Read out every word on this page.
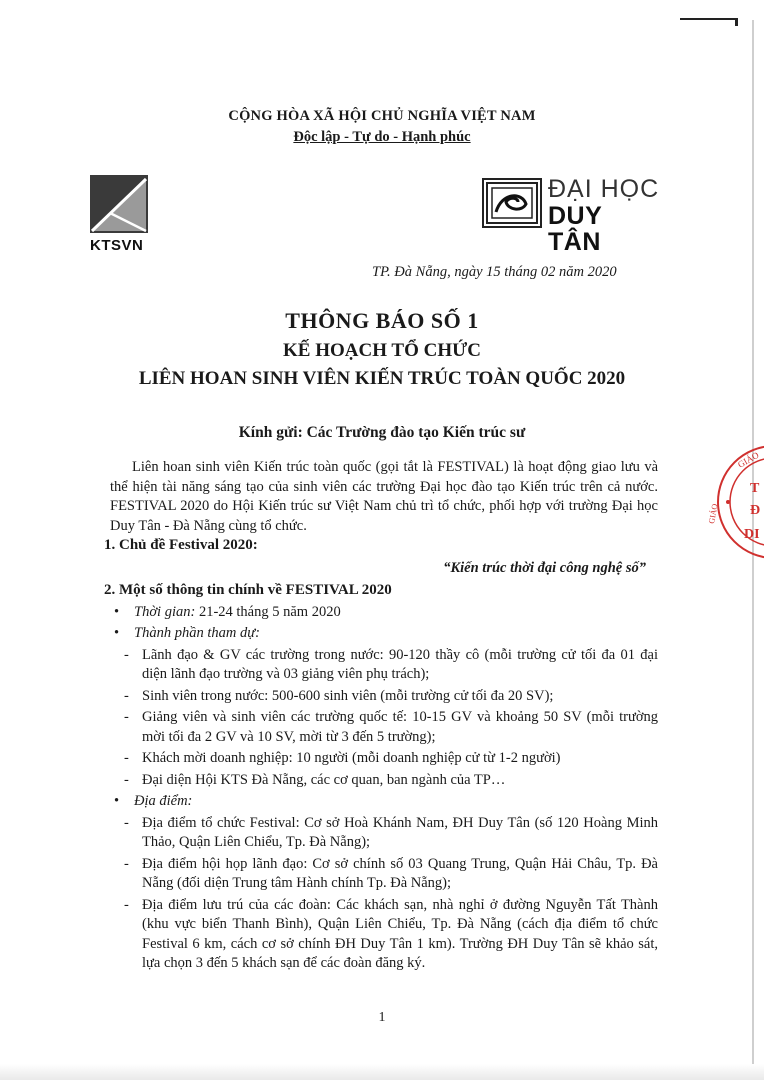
CỘNG HÒA XÃ HỘI CHỦ NGHĨA VIỆT NAM
Độc lập - Tự do - Hạnh phúc
KTSVN
ĐẠI HỌC
DUY TÂN
GIÁO
T
Đ
DI
GIÁO
TP. Đà Nẵng, ngày 15 tháng 02 năm 2020
THÔNG BÁO SỐ 1
KẾ HOẠCH TỔ CHỨC
LIÊN HOAN SINH VIÊN KIẾN TRÚC TOÀN QUỐC 2020
Kính gửi: Các Trường đào tạo Kiến trúc sư
Liên hoan sinh viên Kiến trúc toàn quốc (gọi tắt là FESTIVAL) là hoạt động giao lưu và thể hiện tài năng sáng tạo của sinh viên các trường Đại học đào tạo Kiến trúc trên cả nước. FESTIVAL 2020 do Hội Kiến trúc sư Việt Nam chủ trì tổ chức, phối hợp với trường Đại học Duy Tân - Đà Nẵng cùng tổ chức.
1. Chủ đề Festival 2020:
“Kiến trúc thời đại công nghệ số”
2. Một số thông tin chính về FESTIVAL 2020
• Thời gian: 21-24 tháng 5 năm 2020
• Thành phần tham dự:
- Lãnh đạo & GV các trường trong nước: 90-120 thầy cô (mỗi trường cử tối đa 01 đại diện lãnh đạo trường và 03 giảng viên phụ trách);
- Sinh viên trong nước: 500-600 sinh viên (mỗi trường cử tối đa 20 SV);
- Giảng viên và sinh viên các trường quốc tế: 10-15 GV và khoảng 50 SV (mỗi trường mời tối đa 2 GV và 10 SV, mời từ 3 đến 5 trường);
- Khách mời doanh nghiệp: 10 người (mỗi doanh nghiệp cử từ 1-2 người)
- Đại diện Hội KTS Đà Nẵng, các cơ quan, ban ngành của TP…
• Địa điểm:
- Địa điểm tổ chức Festival: Cơ sở Hoà Khánh Nam, ĐH Duy Tân (số 120 Hoàng Minh Thảo, Quận Liên Chiểu, Tp. Đà Nẵng);
- Địa điểm hội họp lãnh đạo: Cơ sở chính số 03 Quang Trung, Quận Hải Châu, Tp. Đà Nẵng (đối diện Trung tâm Hành chính Tp. Đà Nẵng);
- Địa điểm lưu trú của các đoàn: Các khách sạn, nhà nghỉ ở đường Nguyễn Tất Thành (khu vực biển Thanh Bình), Quận Liên Chiểu, Tp. Đà Nẵng (cách địa điểm tổ chức Festival 6 km, cách cơ sở chính ĐH Duy Tân 1 km). Trường ĐH Duy Tân sẽ khảo sát, lựa chọn 3 đến 5 khách sạn để các đoàn đăng ký.
1
